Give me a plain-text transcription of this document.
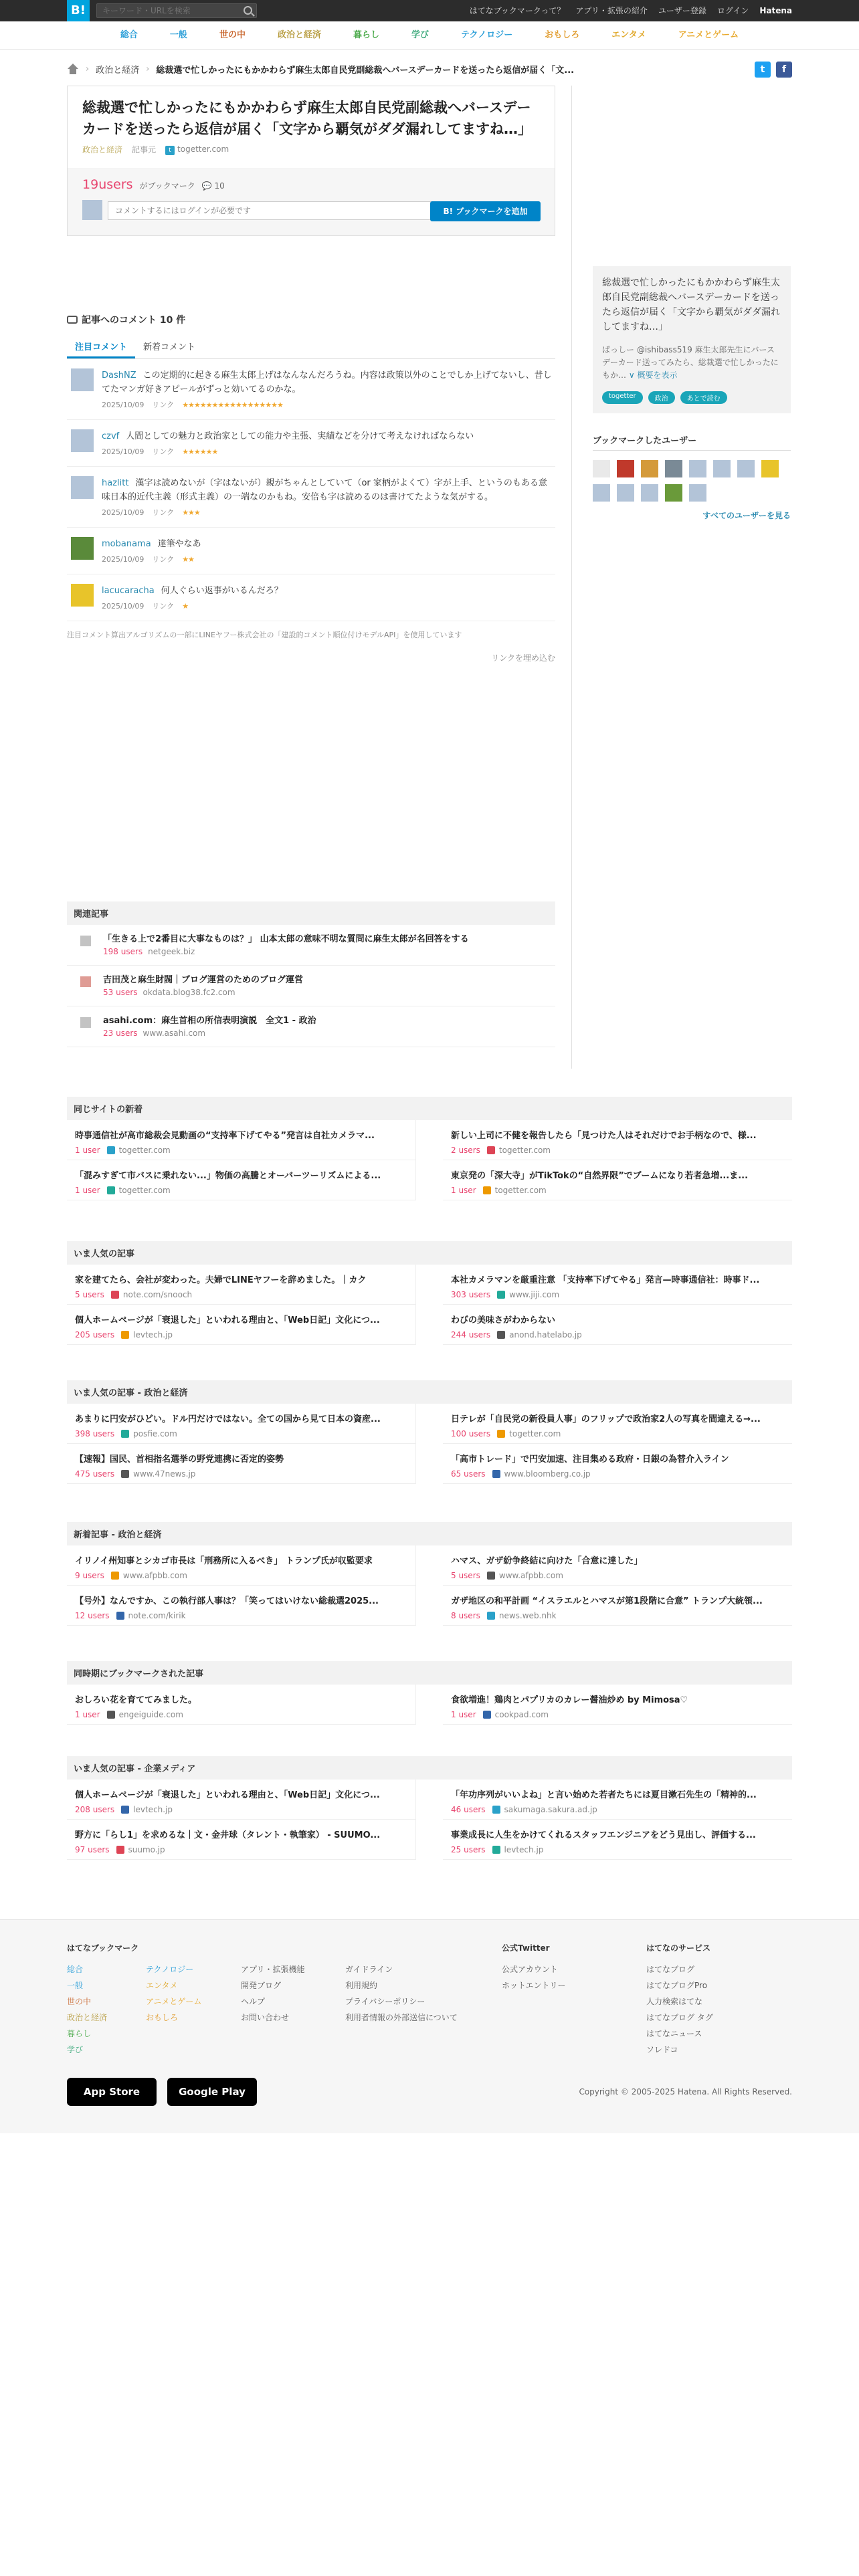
B!
キーワード・URLを検索	はてなブックマークって？ アプリ・拡張の紹介 ユーザー登録 ログイン Hatena
総合	一般	世の中	政治と経済	暮らし	学び	テクノロジー	おもしろ	エンタメ	アニメとゲーム
› 政治と経済 › 総裁選で忙しかったにもかかわらず麻生太郎自民党副総裁へバースデーカードを送ったら返信が届く「文...	t	f
総裁選で忙しかったにもかかわらず麻生太郎自民党副総裁へバースデーカードを送ったら返信が届く「文字から覇気がダダ漏れしてますね…」
政治と経済 記事元	t togetter.com
19users がブックマーク 💬 10
コメントするにはログインが必要です
B! ブックマークを追加
記事へのコメント 10 件
注目コメント	新着コメント
DashNZ この定期的に起きる麻生太郎上げはなんなんだろうね。内容は政策以外のことでしか上げてないし、昔してたマンガ好きアピールがずっと効いてるのかな。
2025/10/09 リンク ★★★★★★★★★★★★★★★★★
czvf 人間としての魅力と政治家としての能力や主張、実績などを分けて考えなければならない
2025/10/09 リンク ★★★★★★
hazlitt 漢字は読めないが（字はないが）親がちゃんとしていて（or 家柄がよくて）字が上手、というのもある意味日本的近代主義（形式主義）の一端なのかもね。安倍も字は読めるのは書けてたような気がする。
2025/10/09 リンク ★★★
mobanama 達筆やなあ
2025/10/09 リンク ★★
lacucaracha 何人ぐらい返事がいるんだろ？
2025/10/09 リンク ★
注目コメント算出アルゴリズムの一部にLINEヤフー株式会社の「建設的コメント順位付けモデルAPI」を使用しています
リンクを埋め込む
関連記事
「生きる上で2番目に大事なものは？」 山本太郎の意味不明な質問に麻生太郎が名回答をする
198 users netgeek.biz
吉田茂と麻生財閥｜ブログ運営のためのブログ運営
53 users okdata.blog38.fc2.com
asahi.com：麻生首相の所信表明演説　全文1 - 政治
23 users www.asahi.com
総裁選で忙しかったにもかかわらず麻生太郎自民党副総裁へバースデーカードを送ったら返信が届く「文字から覇気がダダ漏れしてますね…」
ぱっしー @ishibass519 麻生太郎先生にバースデーカード送ってみたら、総裁選で忙しかったにもか… ∨ 概要を表示
togetter	政治	あとで読む
ブックマークしたユーザー
すべてのユーザーを見る
同じサイトの新着
時事通信社が高市総裁会見動画の“支持率下げてやる”発言は自社カメラマ...
1 user togetter.com
新しい上司に不健を報告したら「見つけた人はそれだけでお手柄なので、様...
2 users togetter.com
「混みすぎて市バスに乗れない...」物価の高騰とオーバーツーリズムによる...
1 user togetter.com
東京発の「深大寺」がTikTokの“自然界限”でブームになり若者急増...ま...
1 user togetter.com
いま人気の記事
家を建てたら、会社が変わった。夫婦でLINEヤフーを辞めました。｜カク
5 users note.com/snooch
本社カメラマンを厳重注意 「支持率下げてやる」発言—時事通信社：時事ド...
303 users www.jiji.com
個人ホームページが「衰退した」といわれる理由と、「Web日記」文化につ...
205 users levtech.jp
わびの美味さがわからない
244 users anond.hatelabo.jp
いま人気の記事 - 政治と経済
あまりに円安がひどい。ドル円だけではない。全ての国から見て日本の資産...
398 users posfie.com
日テレが「自民党の新役員人事」のフリップで政治家2人の写真を間違える→...
100 users togetter.com
【速報】国民、首相指名選挙の野党連携に否定的姿勢
475 users www.47news.jp
「高市トレード」で円安加速、注目集める政府・日銀の為替介入ライン
65 users www.bloomberg.co.jp
新着記事 - 政治と経済
イリノイ州知事とシカゴ市長は「刑務所に入るべき」 トランプ氏が収監要求
9 users www.afpbb.com
ハマス、ガザ紛争終結に向けた「合意に達した」
5 users www.afpbb.com
【号外】なんですか、この執行部人事は？「笑ってはいけない総裁選2025...
12 users note.com/kirik
ガザ地区の和平計画 “イスラエルとハマスが第1段階に合意” トランプ大統領...
8 users news.web.nhk
同時期にブックマークされた記事
おしろい花を育ててみました。
1 user engeiguide.com
食欲増進！鶏肉とパプリカのカレー醤油炒め by Mimosa♡
1 user cookpad.com
いま人気の記事 - 企業メディア
個人ホームページが「衰退した」といわれる理由と、「Web日記」文化につ...
208 users levtech.jp
「年功序列がいいよね」と言い始めた若者たちには夏目漱石先生の「精神的...
46 users sakumaga.sakura.ad.jp
野方に「らし1」を求めるな｜文・金井球（タレント・執筆家） - SUUMO...
97 users suumo.jp
事業成長に人生をかけてくれるスタッフエンジニアをどう見出し、評価する...
25 users levtech.jp
はてなブックマーク
総合
一般
世の中
政治と経済
暮らし
学び
テクノロジー
エンタメ
アニメとゲーム
おもしろ
アプリ・拡張機能
開発ブログ
ヘルプ
お問い合わせ
ガイドライン
利用規約
プライバシーポリシー
利用者情報の外部送信について
公式Twitter
公式アカウント
ホットエントリー
はてなのサービス
はてなブログ
はてなブログPro
人力検索はてな
はてなブログ タグ
はてなニュース
ソレドコ
App Store	Google Play	Copyright © 2005-2025 Hatena. All Rights Reserved.
